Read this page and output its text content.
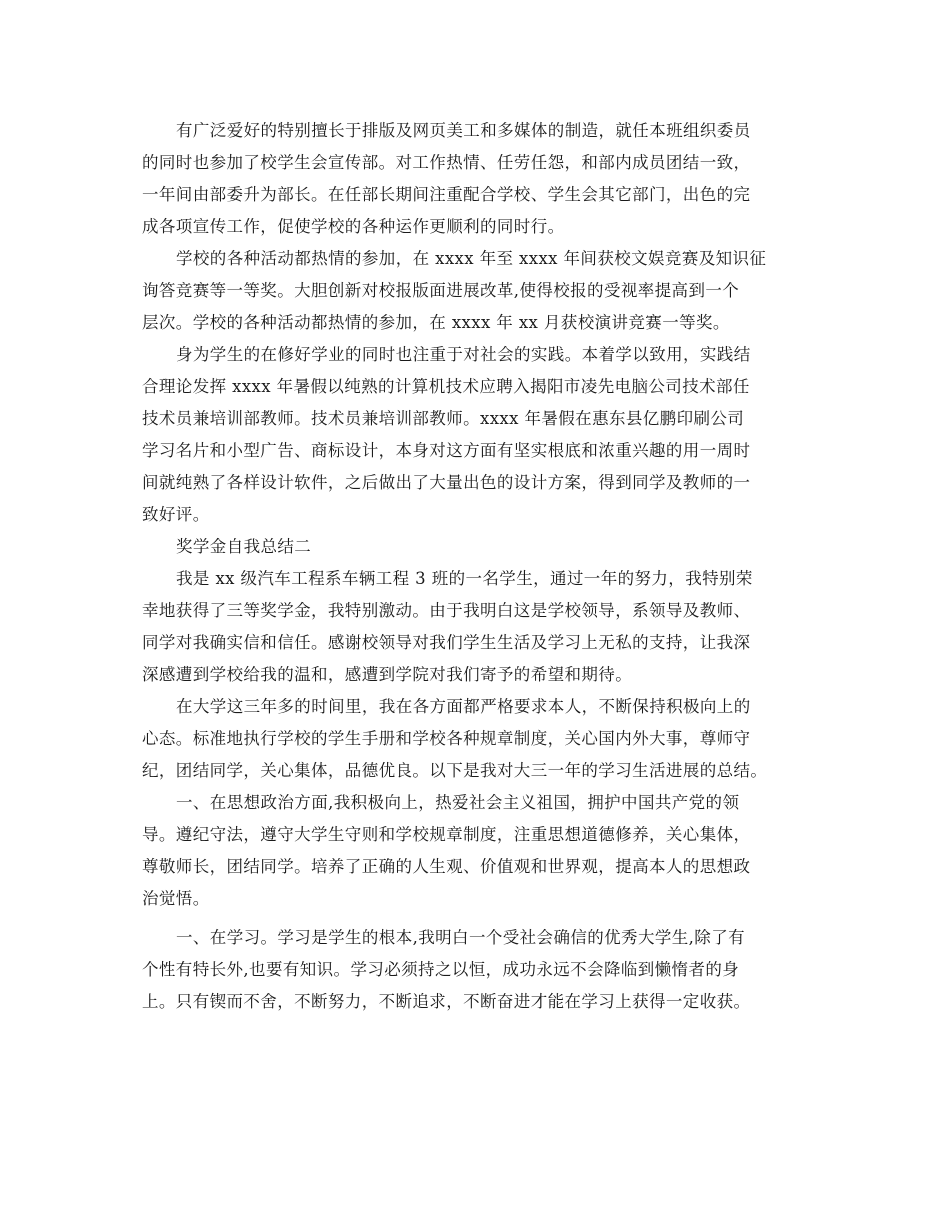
有广泛爱好的特别擅长于排版及网页美工和多媒体的制造，就任本班组织委员
的同时也参加了校学生会宣传部。对工作热情、任劳任怨，和部内成员团结一致，
一年间由部委升为部长。在任部长期间注重配合学校、学生会其它部门，出色的完
成各项宣传工作，促使学校的各种运作更顺利的同时行。
学校的各种活动都热情的参加，在 xxxx 年至 xxxx 年间获校文娱竞赛及知识征
询答竞赛等一等奖。大胆创新对校报版面进展改革,使得校报的受视率提高到一个
层次。学校的各种活动都热情的参加，在 xxxx 年 xx 月获校演讲竞赛一等奖。
身为学生的在修好学业的同时也注重于对社会的实践。本着学以致用，实践结
合理论发挥 xxxx 年暑假以纯熟的计算机技术应聘入揭阳市凌先电脑公司技术部任
技术员兼培训部教师。技术员兼培训部教师。xxxx 年暑假在惠东县亿鹏印刷公司
学习名片和小型广告、商标设计，本身对这方面有坚实根底和浓重兴趣的用一周时
间就纯熟了各样设计软件，之后做出了大量出色的设计方案，得到同学及教师的一
致好评。
奖学金自我总结二
我是 xx 级汽车工程系车辆工程 3 班的一名学生，通过一年的努力，我特别荣
幸地获得了三等奖学金，我特别激动。由于我明白这是学校领导，系领导及教师、
同学对我确实信和信任。感谢校领导对我们学生生活及学习上无私的支持，让我深
深感遭到学校给我的温和，感遭到学院对我们寄予的希望和期待。
在大学这三年多的时间里，我在各方面都严格要求本人，不断保持积极向上的
心态。标准地执行学校的学生手册和学校各种规章制度，关心国内外大事，尊师守
纪，团结同学，关心集体，品德优良。以下是我对大三一年的学习生活进展的总结。
一、在思想政治方面,我积极向上，热爱社会主义祖国，拥护中国共产党的领
导。遵纪守法，遵守大学生守则和学校规章制度，注重思想道德修养，关心集体，
尊敬师长，团结同学。培养了正确的人生观、价值观和世界观，提高本人的思想政
治觉悟。
一、在学习。学习是学生的根本,我明白一个受社会确信的优秀大学生,除了有
个性有特长外,也要有知识。学习必须持之以恒，成功永远不会降临到懒惰者的身
上。只有锲而不舍，不断努力，不断追求，不断奋进才能在学习上获得一定收获。
